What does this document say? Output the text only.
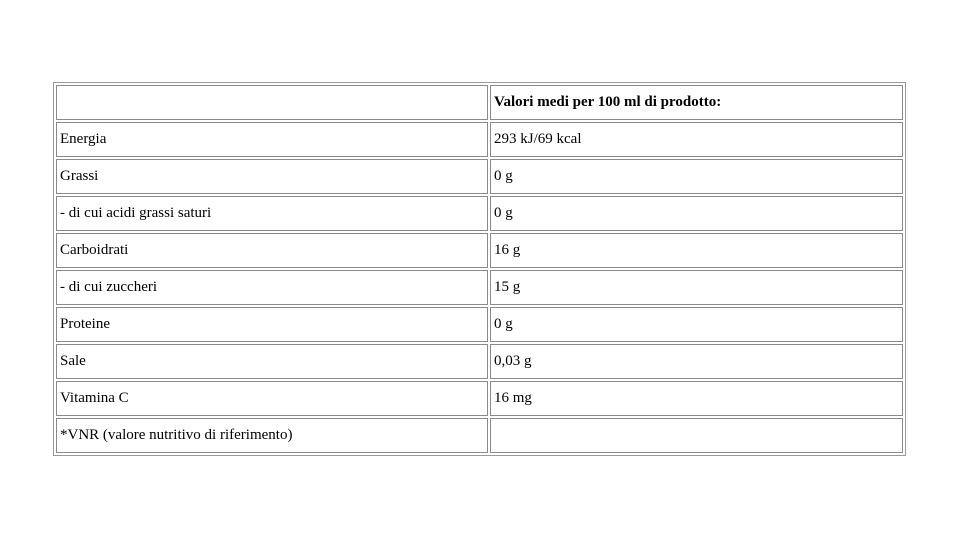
	Valori medi per 100 ml di prodotto:
Energia	293 kJ/69 kcal
Grassi	0 g
- di cui acidi grassi saturi	0 g
Carboidrati	16 g
- di cui zuccheri	15 g
Proteine	0 g
Sale	0,03 g
Vitamina C	16 mg
*VNR (valore nutritivo di riferimento)	
